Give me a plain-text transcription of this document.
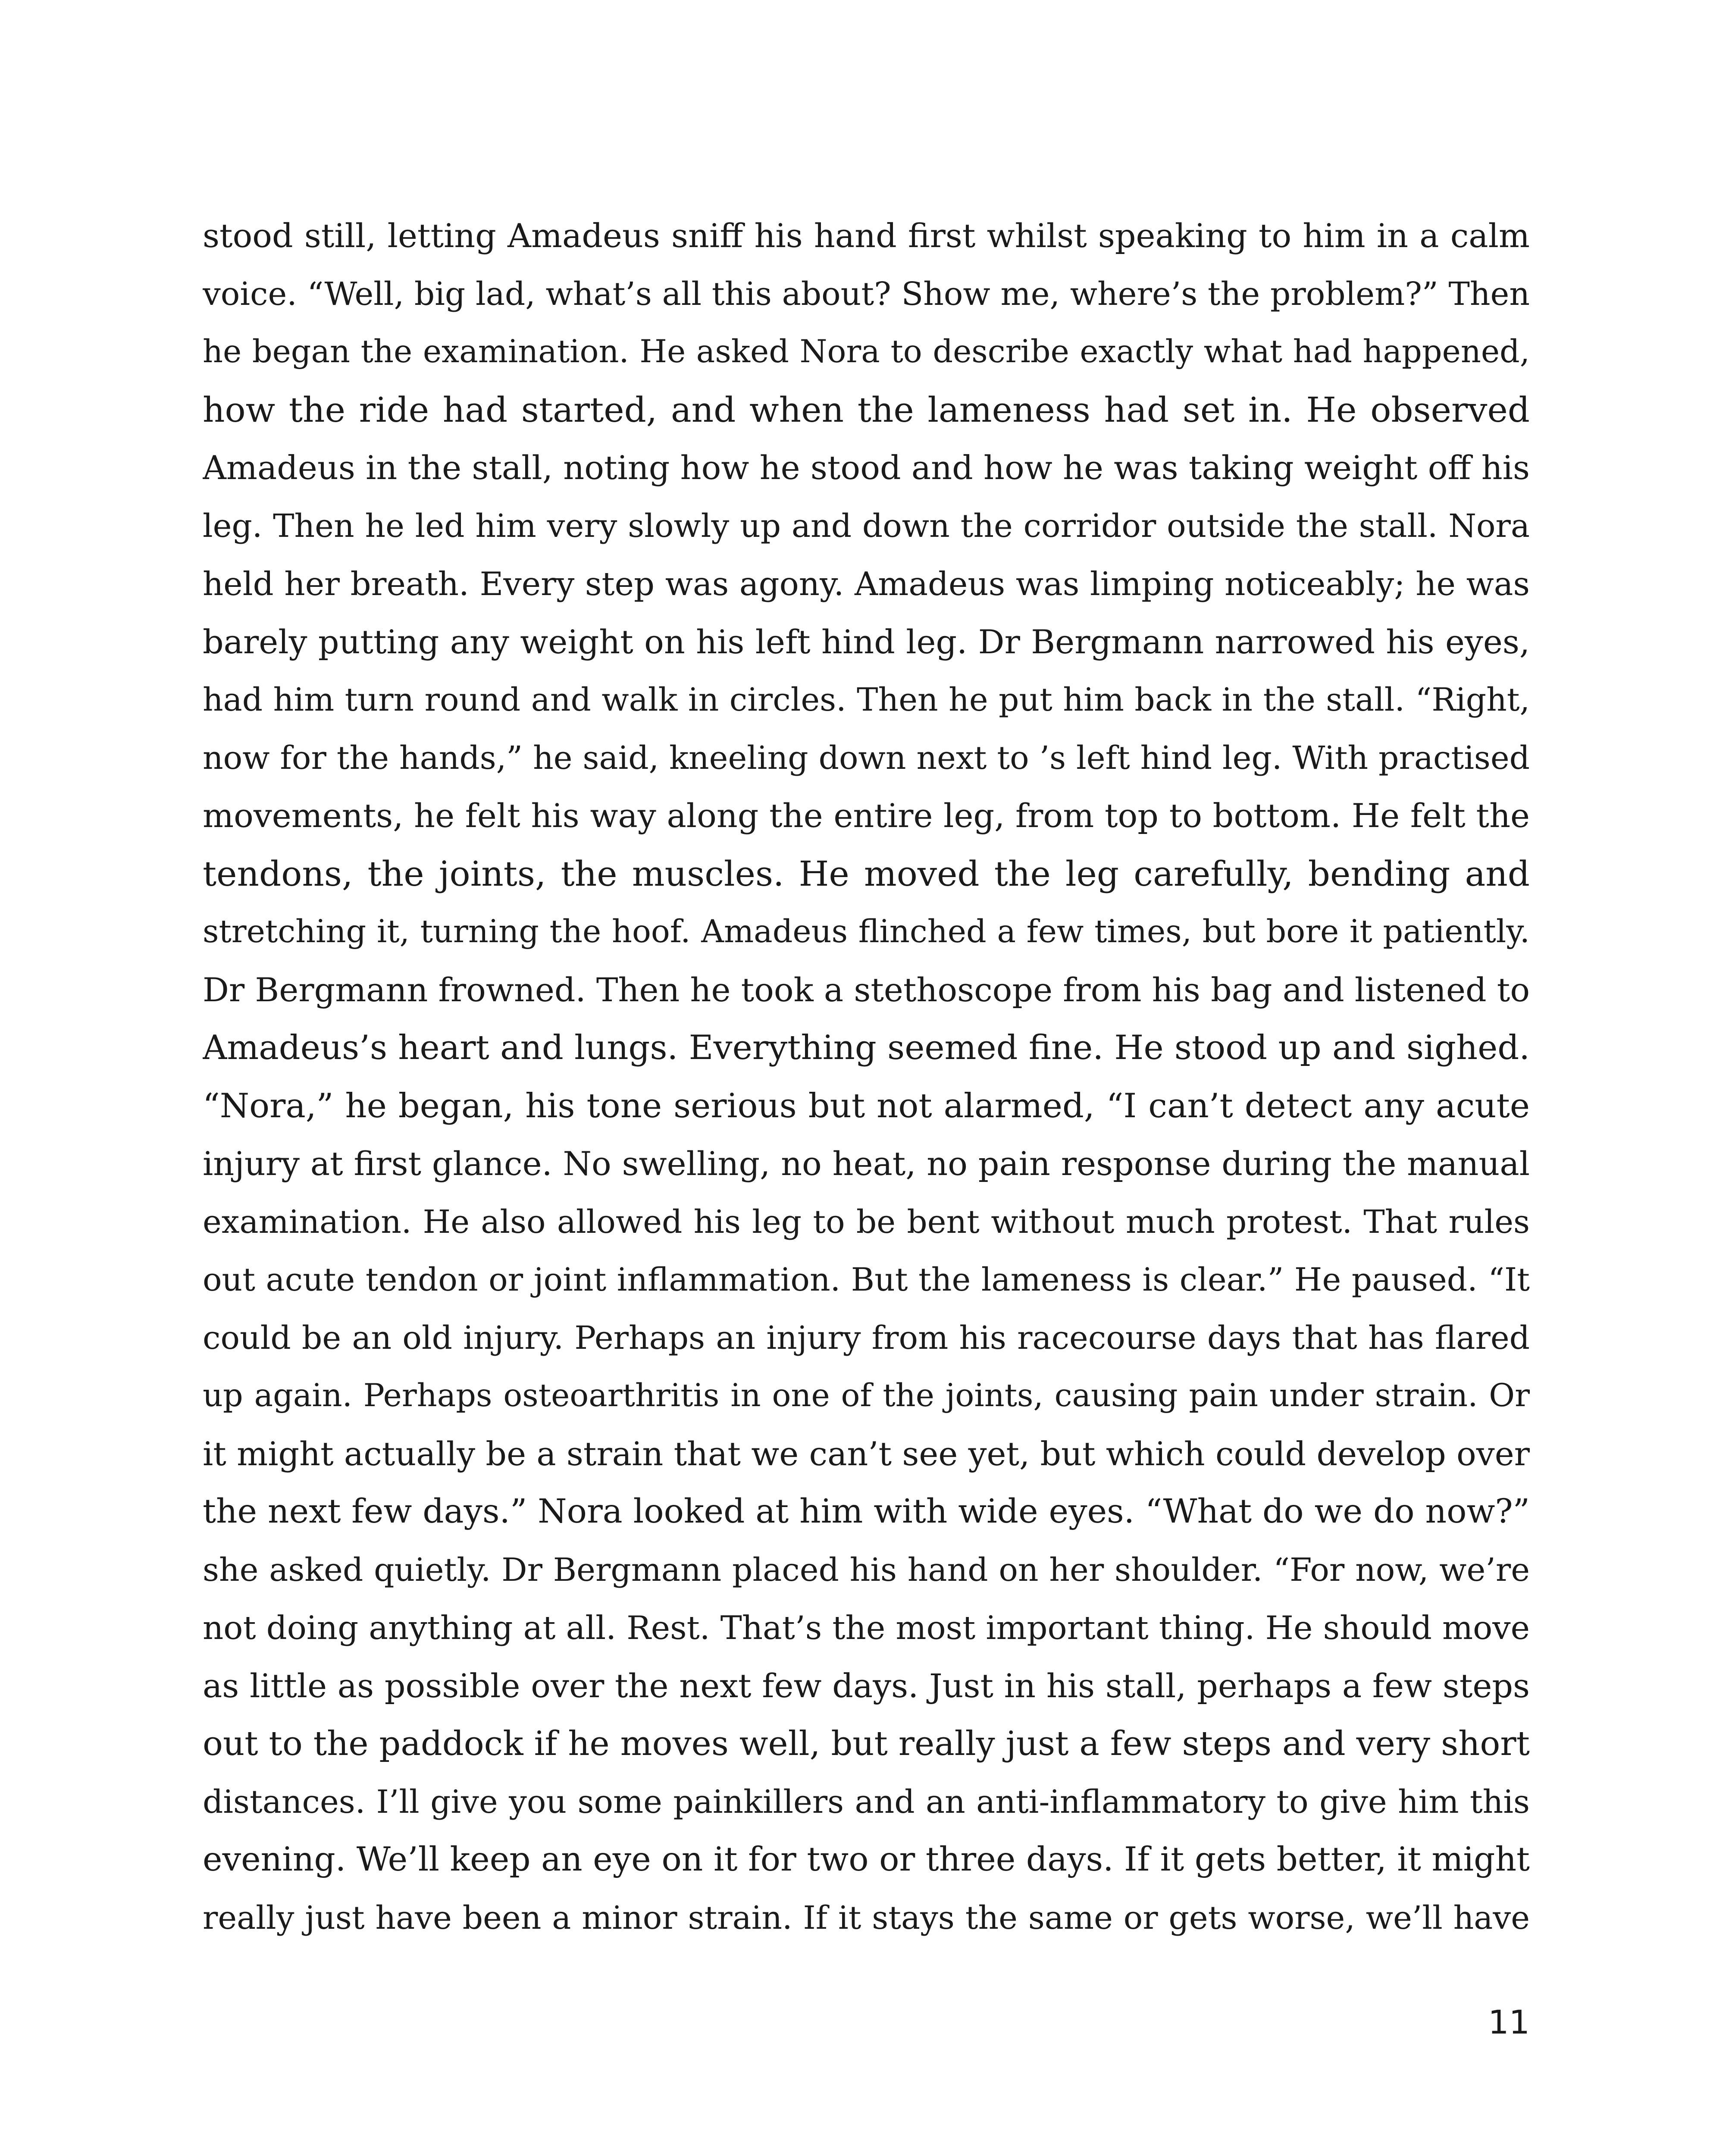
stood still, letting Amadeus sniff his hand first whilst speaking to him in a calm
voice. “Well, big lad, what’s all this about? Show me, where’s the problem?” Then
he began the examination. He asked Nora to describe exactly what had happened,
how the ride had started, and when the lameness had set in. He observed
Amadeus in the stall, noting how he stood and how he was taking weight off his
leg. Then he led him very slowly up and down the corridor outside the stall. Nora
held her breath. Every step was agony. Amadeus was limping noticeably; he was
barely putting any weight on his left hind leg. Dr Bergmann narrowed his eyes,
had him turn round and walk in circles. Then he put him back in the stall. “Right,
now for the hands,” he said, kneeling down next to ’s left hind leg. With practised
movements, he felt his way along the entire leg, from top to bottom. He felt the
tendons, the joints, the muscles. He moved the leg carefully, bending and
stretching it, turning the hoof. Amadeus flinched a few times, but bore it patiently.
Dr Bergmann frowned. Then he took a stethoscope from his bag and listened to
Amadeus’s heart and lungs. Everything seemed fine. He stood up and sighed.
“Nora,” he began, his tone serious but not alarmed, “I can’t detect any acute
injury at first glance. No swelling, no heat, no pain response during the manual
examination. He also allowed his leg to be bent without much protest. That rules
out acute tendon or joint inflammation. But the lameness is clear.” He paused. “It
could be an old injury. Perhaps an injury from his racecourse days that has flared
up again. Perhaps osteoarthritis in one of the joints, causing pain under strain. Or
it might actually be a strain that we can’t see yet, but which could develop over
the next few days.” Nora looked at him with wide eyes. “What do we do now?”
she asked quietly. Dr Bergmann placed his hand on her shoulder. “For now, we’re
not doing anything at all. Rest. That’s the most important thing. He should move
as little as possible over the next few days. Just in his stall, perhaps a few steps
out to the paddock if he moves well, but really just a few steps and very short
distances. I’ll give you some painkillers and an anti-inflammatory to give him this
evening. We’ll keep an eye on it for two or three days. If it gets better, it might
really just have been a minor strain. If it stays the same or gets worse, we’ll have
11
